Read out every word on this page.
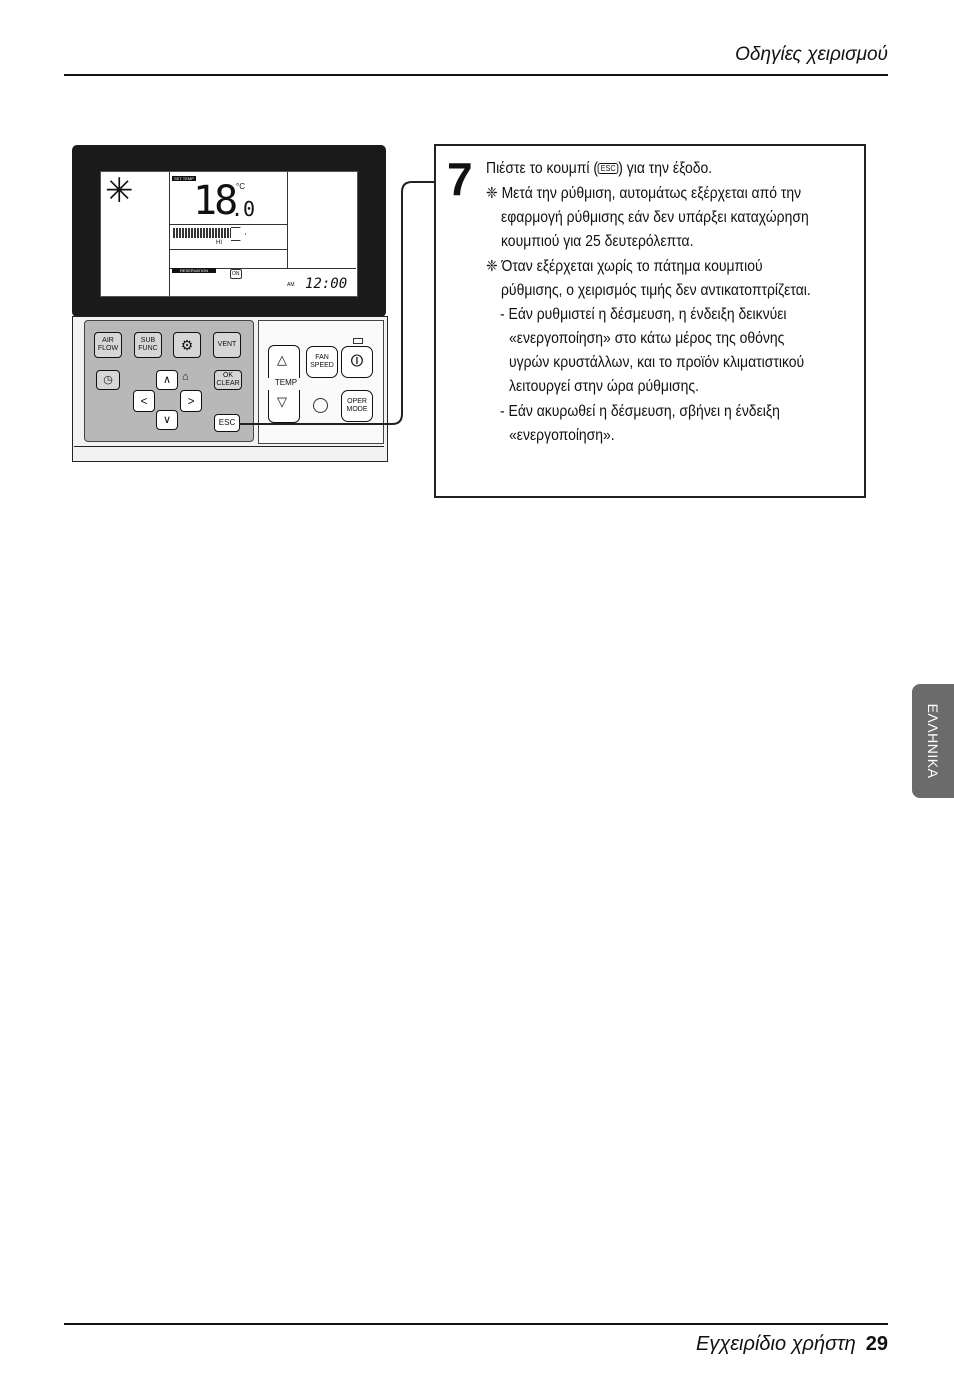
Οδηγίες χειρισμού
✳	SET TEMP 18
.0
°C
HI
RESERVATION
ON
AM 12:00
AIR FLOW
SUB FUNC	⚙	VENT
◷	∧ ⌂	OK CLEAR
<	>
∨	ESC
△
TEMP
▽
FAN SPEED ⏼
OPER MODE
7 Πιέστε το κουμπί ( ESC ) για την έξοδο.
❈ Μετά την ρύθμιση, αυτομάτως εξέρχεται από την
εφαρμογή ρύθμισης εάν δεν υπάρξει καταχώρηση
κουμπιού για 25 δευτερόλεπτα.
❈ Όταν εξέρχεται χωρίς το πάτημα κουμπιού
ρύθμισης, ο χειρισμός τιμής δεν αντικατοπτρίζεται.
- Εάν ρυθμιστεί η δέσμευση, η ένδειξη δεικνύει
«ενεργοποίηση» στο κάτω μέρος της οθόνης
υγρών κρυστάλλων, και το προϊόν κλιματιστικού
λειτουργεί στην ώρα ρύθμισης.
- Εάν ακυρωθεί η δέσμευση, σβήνει η ένδειξη
«ενεργοποίηση».
ΕΛΛΗΝΙΚΑ
Εγχειρίδιο χρήστη 29
